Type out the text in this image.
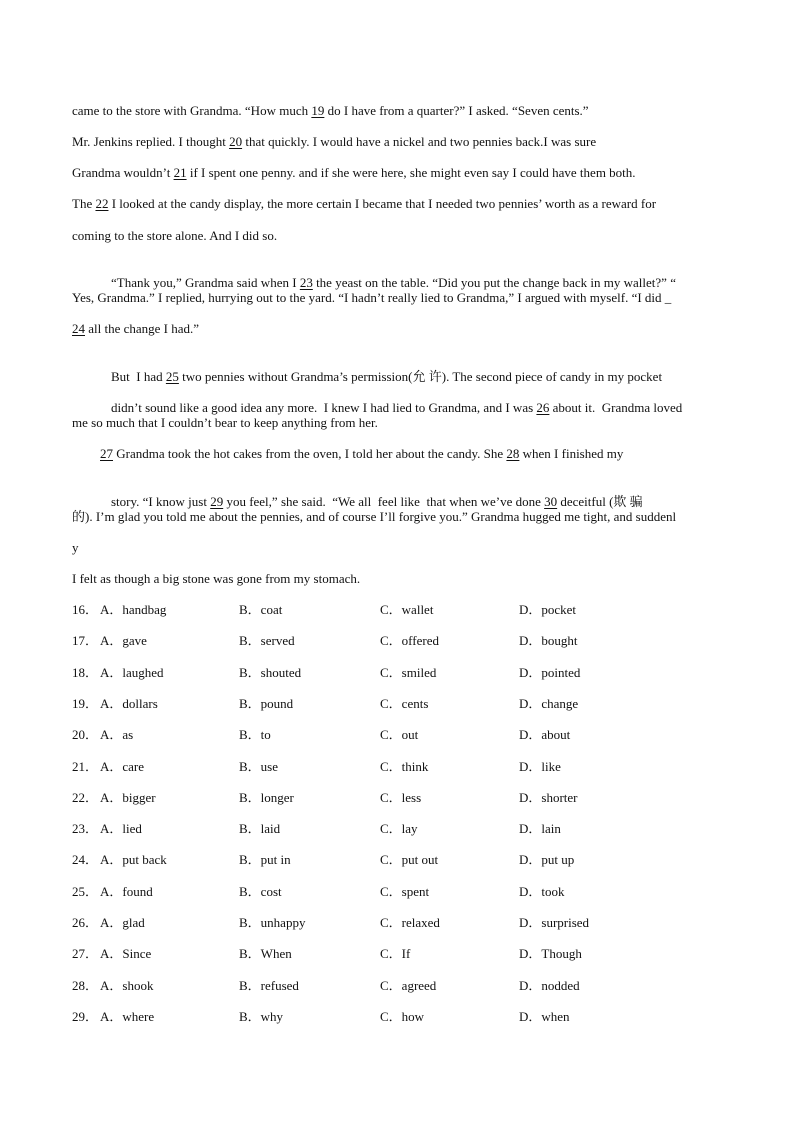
came to the store with Grandma. “How much 19 do I have from a quarter?” I asked. “Seven cents.”
Mr. Jenkins replied. I thought 20 that quickly. I would have a nickel and two pennies back.I was sure
Grandma wouldn’t 21 if I spent one penny. and if she were here, she might even say I could have them both.
The 22 I looked at the candy display, the more certain I became that I needed two pennies’ worth as a reward for
coming to the store alone. And I did so.

“Thank you,” Grandma said when I 23 the yeast on the table. “Did you put the change back in my wallet?” “

Yes, Grandma.” I replied, hurrying out to the yard. “I hadn’t really lied to Grandma,” I argued with myself. “I did _
24 all the change I had.”

But  I had 25 two pennies without Grandma’s permission(允 许). The second piece of candy in my pocket

didn’t sound like a good idea any more.  I knew I had lied to Grandma, and I was 26 about it.  Grandma loved

me so much that I couldn’t bear to keep anything from her.
27 Grandma took the hot cakes from the oven, I told her about the candy. She 28 when I finished my

story. “I know just 29 you feel,” she said.  “We all  feel like  that when we’ve done 30 deceitful (欺 骗

的). I’m glad you told me about the pennies, and of course I’ll forgive you.” Grandma hugged me tight, and suddenl
y
I felt as though a big stone was gone from my stomach.
16． A．handbag	B．coat	C．wallet	D．pocket
17． A．gave	B．served	C．offered	D．bought
18． A．laughed	B．shouted	C．smiled	D．pointed
19． A．dollars	B．pound	C．cents	D．change
20． A．as	B．to	C．out	D．about
21． A．care	B．use	C．think	D．like
22． A．bigger	B．longer	C．less	D．shorter
23． A．lied	B．laid	C．lay	D．lain
24． A．put back	B．put in	C．put out	D．put up
25． A．found	B．cost	C．spent	D．took
26． A．glad	B．unhappy	C．relaxed	D．surprised
27． A．Since	B．When	C．If	D．Though
28． A．shook	B．refused	C．agreed	D．nodded
29． A．where	B．why	C．how	D．when
